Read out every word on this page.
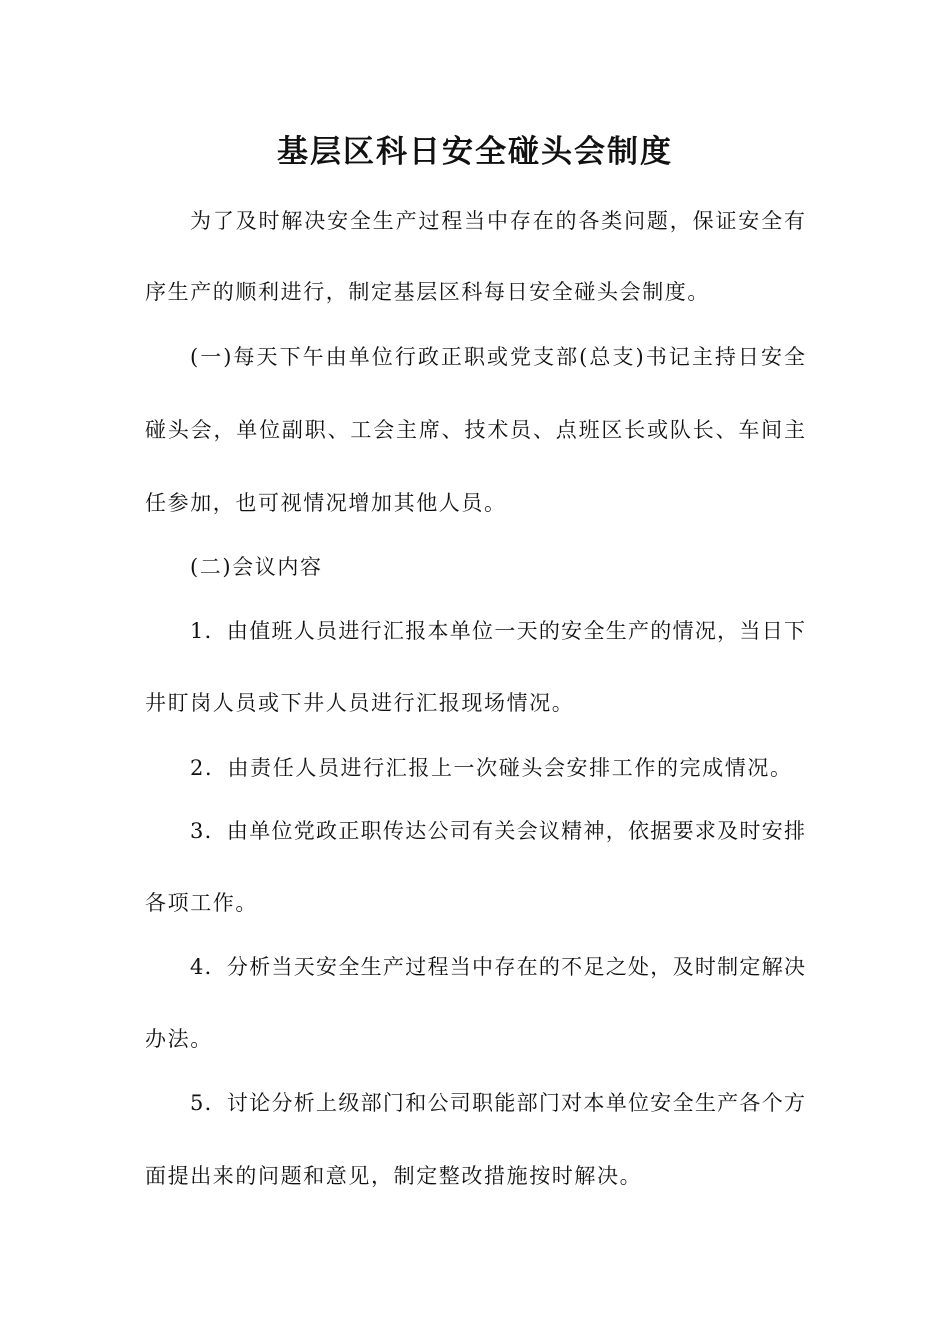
基层区科日安全碰头会制度
为了及时解决安全生产过程当中存在的各类问题，保证安全有
序生产的顺利进行，制定基层区科每日安全碰头会制度。
(一)每天下午由单位行政正职或党支部(总支)书记主持日安全
碰头会，单位副职、工会主席、技术员、点班区长或队长、车间主
任参加，也可视情况增加其他人员。
(二)会议内容
1．由值班人员进行汇报本单位一天的安全生产的情况，当日下
井盯岗人员或下井人员进行汇报现场情况。
2．由责任人员进行汇报上一次碰头会安排工作的完成情况。
3．由单位党政正职传达公司有关会议精神，依据要求及时安排
各项工作。
4．分析当天安全生产过程当中存在的不足之处，及时制定解决
办法。
5．讨论分析上级部门和公司职能部门对本单位安全生产各个方
面提出来的问题和意见，制定整改措施按时解决。
